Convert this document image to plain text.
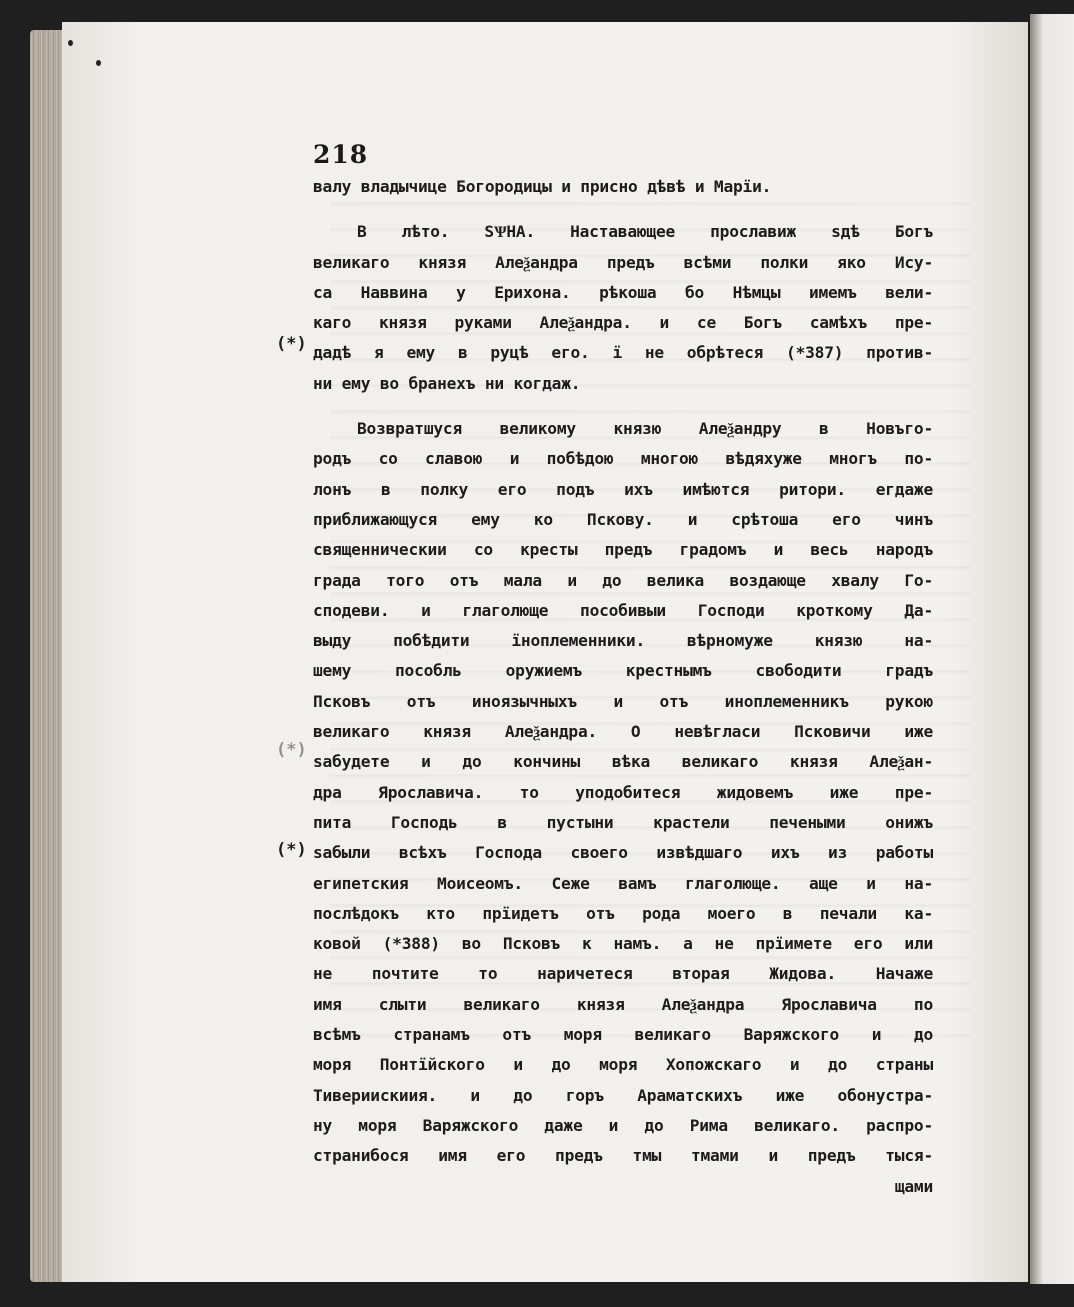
218
валу владычице Богородицы и присно дѣвѣ и Марїи.
В лѣто. ЅѰНА. Наставающее прославиж ѕдѣ Богъ
великаго князя Алеѯандра предъ всѣми полки яко Ису-
са Наввина у Ерихона. рѣкоша бо Нѣмцы имемъ вели-
каго князя руками Алеѯандра. и се Богъ самѣхъ пре-
дадѣ я ему в руцѣ его. ї не обрѣтеся (*387) против-
ни ему во бранехъ ни когдаж.
Возвратшуся великому князю Алеѯандру в Новъго-
родъ со славою и побѣдою многою вѣдяхуже многъ по-
лонъ в полку его подъ ихъ имѣются ритори. егдаже
приближающуся ему ко Пскову. и срѣтоша его чинъ
священническии со кресты предъ градомъ и весь народъ
града того отъ мала и до велика воздающе хвалу Го-
сподеви. и глаголюще пособивыи Господи кроткому Да-
выду побѣдити їноплеменники. вѣрномуже князю на-
шему пособль оружиемъ крестнымъ свободити градъ
Псковъ отъ иноязычныхъ и отъ иноплеменникъ рукою
великаго князя Алеѯандра. О невѣгласи Псковичи иже
ѕабудете и до кончины вѣка великаго князя Алеѯан-
дра Ярославича. то уподобитеся жидовемъ иже пре-
пита Господь в пустыни крастели печеными онижъ
ѕабыли всѣхъ Господа своего извѣдшаго ихъ из работы
египетския Моисеомъ. Сеже вамъ глаголюще. аще и на-
послѣдокъ кто прїидетъ отъ рода моего в печали ка-
ковой (*388) во Псковъ к намъ. а не прїимете его или
не почтите то наричетеся вторая Жидова. Начаже
имя слыти великаго князя Алеѯандра Ярославича по
всѣмъ странамъ отъ моря великаго Варяжского и до
моря Понтїйского и до моря Хопожскаго и до страны
Тивериискиия. и до горъ Араматскихъ иже обонустра-
ну моря Варяжского даже и до Рима великаго. распро-
странибося имя его предъ тмы тмами и предъ тыся-
щами
(*)
(*)
(*)
